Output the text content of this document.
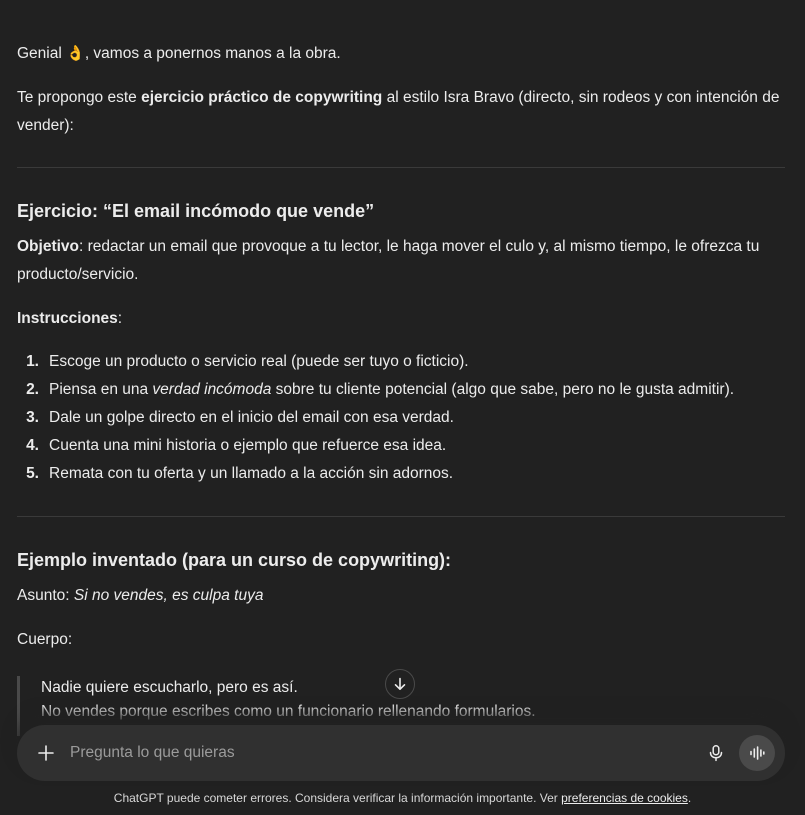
Genial 👌, vamos a ponernos manos a la obra.

Te propongo este ejercicio práctico de copywriting al estilo Isra Bravo (directo, sin rodeos y con intención de vender):

Ejercicio: “El email incómodo que vende”

Objetivo: redactar un email que provoque a tu lector, le haga mover el culo y, al mismo tiempo, le ofrezca tu producto/servicio.

Instrucciones:

1. Escoge un producto o servicio real (puede ser tuyo o ficticio).
2. Piensa en una verdad incómoda sobre tu cliente potencial (algo que sabe, pero no le gusta admitir).
3. Dale un golpe directo en el inicio del email con esa verdad.
4. Cuenta una mini historia o ejemplo que refuerce esa idea.
5. Remata con tu oferta y un llamado a la acción sin adornos.
Ejemplo inventado (para un curso de copywriting):

Asunto: Si no vendes, es culpa tuya

Cuerpo:

Nadie quiere escucharlo, pero es así.
No vendes porque escribes como un funcionario rellenando formularios.
Pregunta lo que quieras
ChatGPT puede cometer errores. Considera verificar la información importante. Ver preferencias de cookies.
